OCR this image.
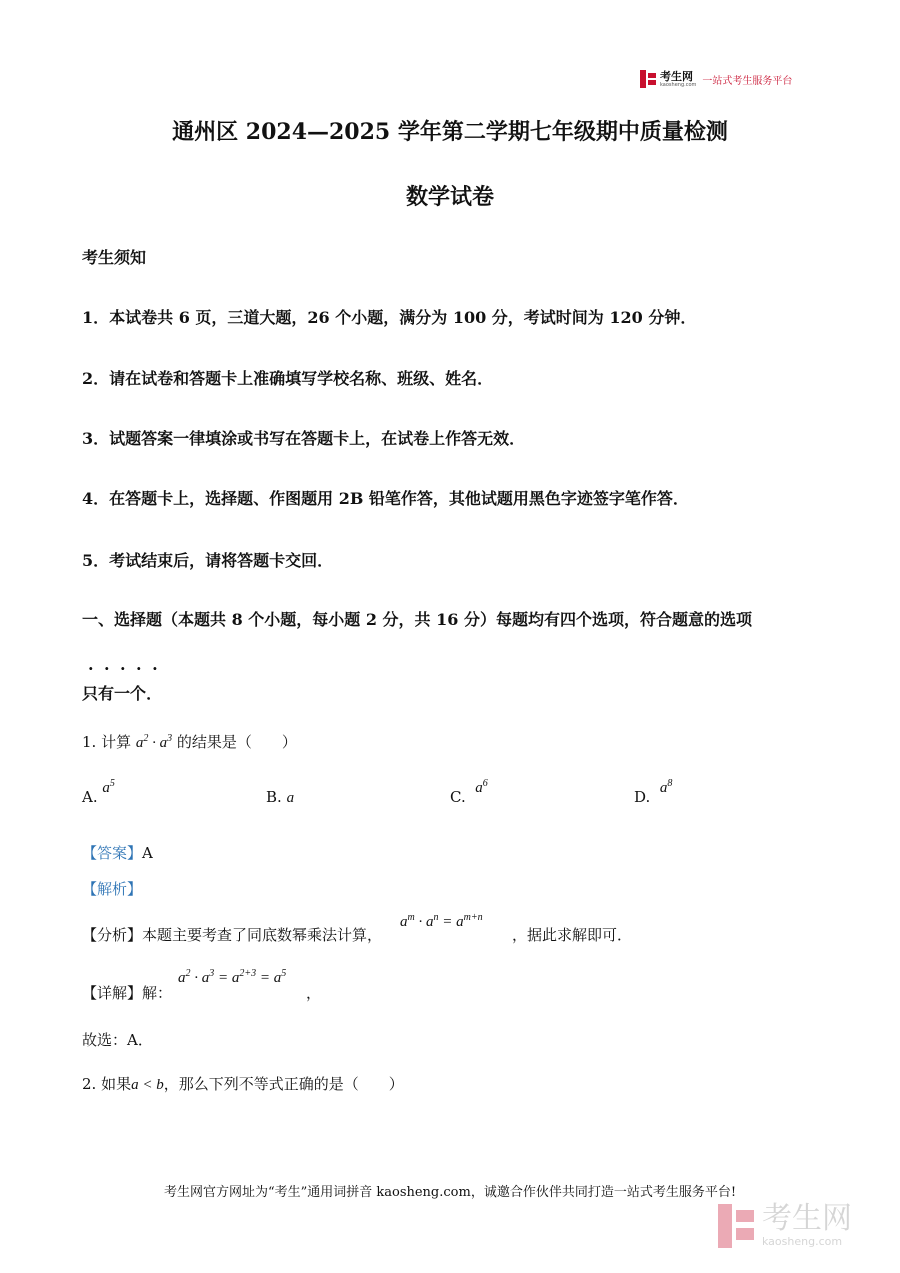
考生网
kaosheng.com 一站式考生服务平台
通州区 2024—2025 学年第二学期七年级期中质量检测
数学试卷
考生须知
1．本试卷共 6 页，三道大题，26 个小题，满分为 100 分，考试时间为 120 分钟．
2．请在试卷和答题卡上准确填写学校名称、班级、姓名．
3．试题答案一律填涂或书写在答题卡上，在试卷上作答无效．
4．在答题卡上，选择题、作图题用 2B 铅笔作答，其他试题用黑色字迹签字笔作答．
5．考试结束后，请将答题卡交回．
一、选择题（本题共 8 个小题，每小题 2 分，共 16 分）每题均有四个选项，符合题意的选项
只有一个· ．
1. 计算 $a^2 \cdot a^3$ 的结果是（　　）
A. $a^5$
B. a	C. $a^6$
D. $a^8$
【答案】A
【解析】
【分析】本题主要考查了同底数幂乘法计算，
$a^m \cdot a^n = a^{m+n}$
，据此求解即可．
【详解】解：
$a^2 \cdot a^3 = a^{2+3} = a^5$
，
故选：A．
2. 如果a < b，那么下列不等式正确的是（　　）
考生网官方网址为“考生”通用词拼音 kaosheng.com，诚邀合作伙伴共同打造一站式考生服务平台!
考生网
kaosheng.com
